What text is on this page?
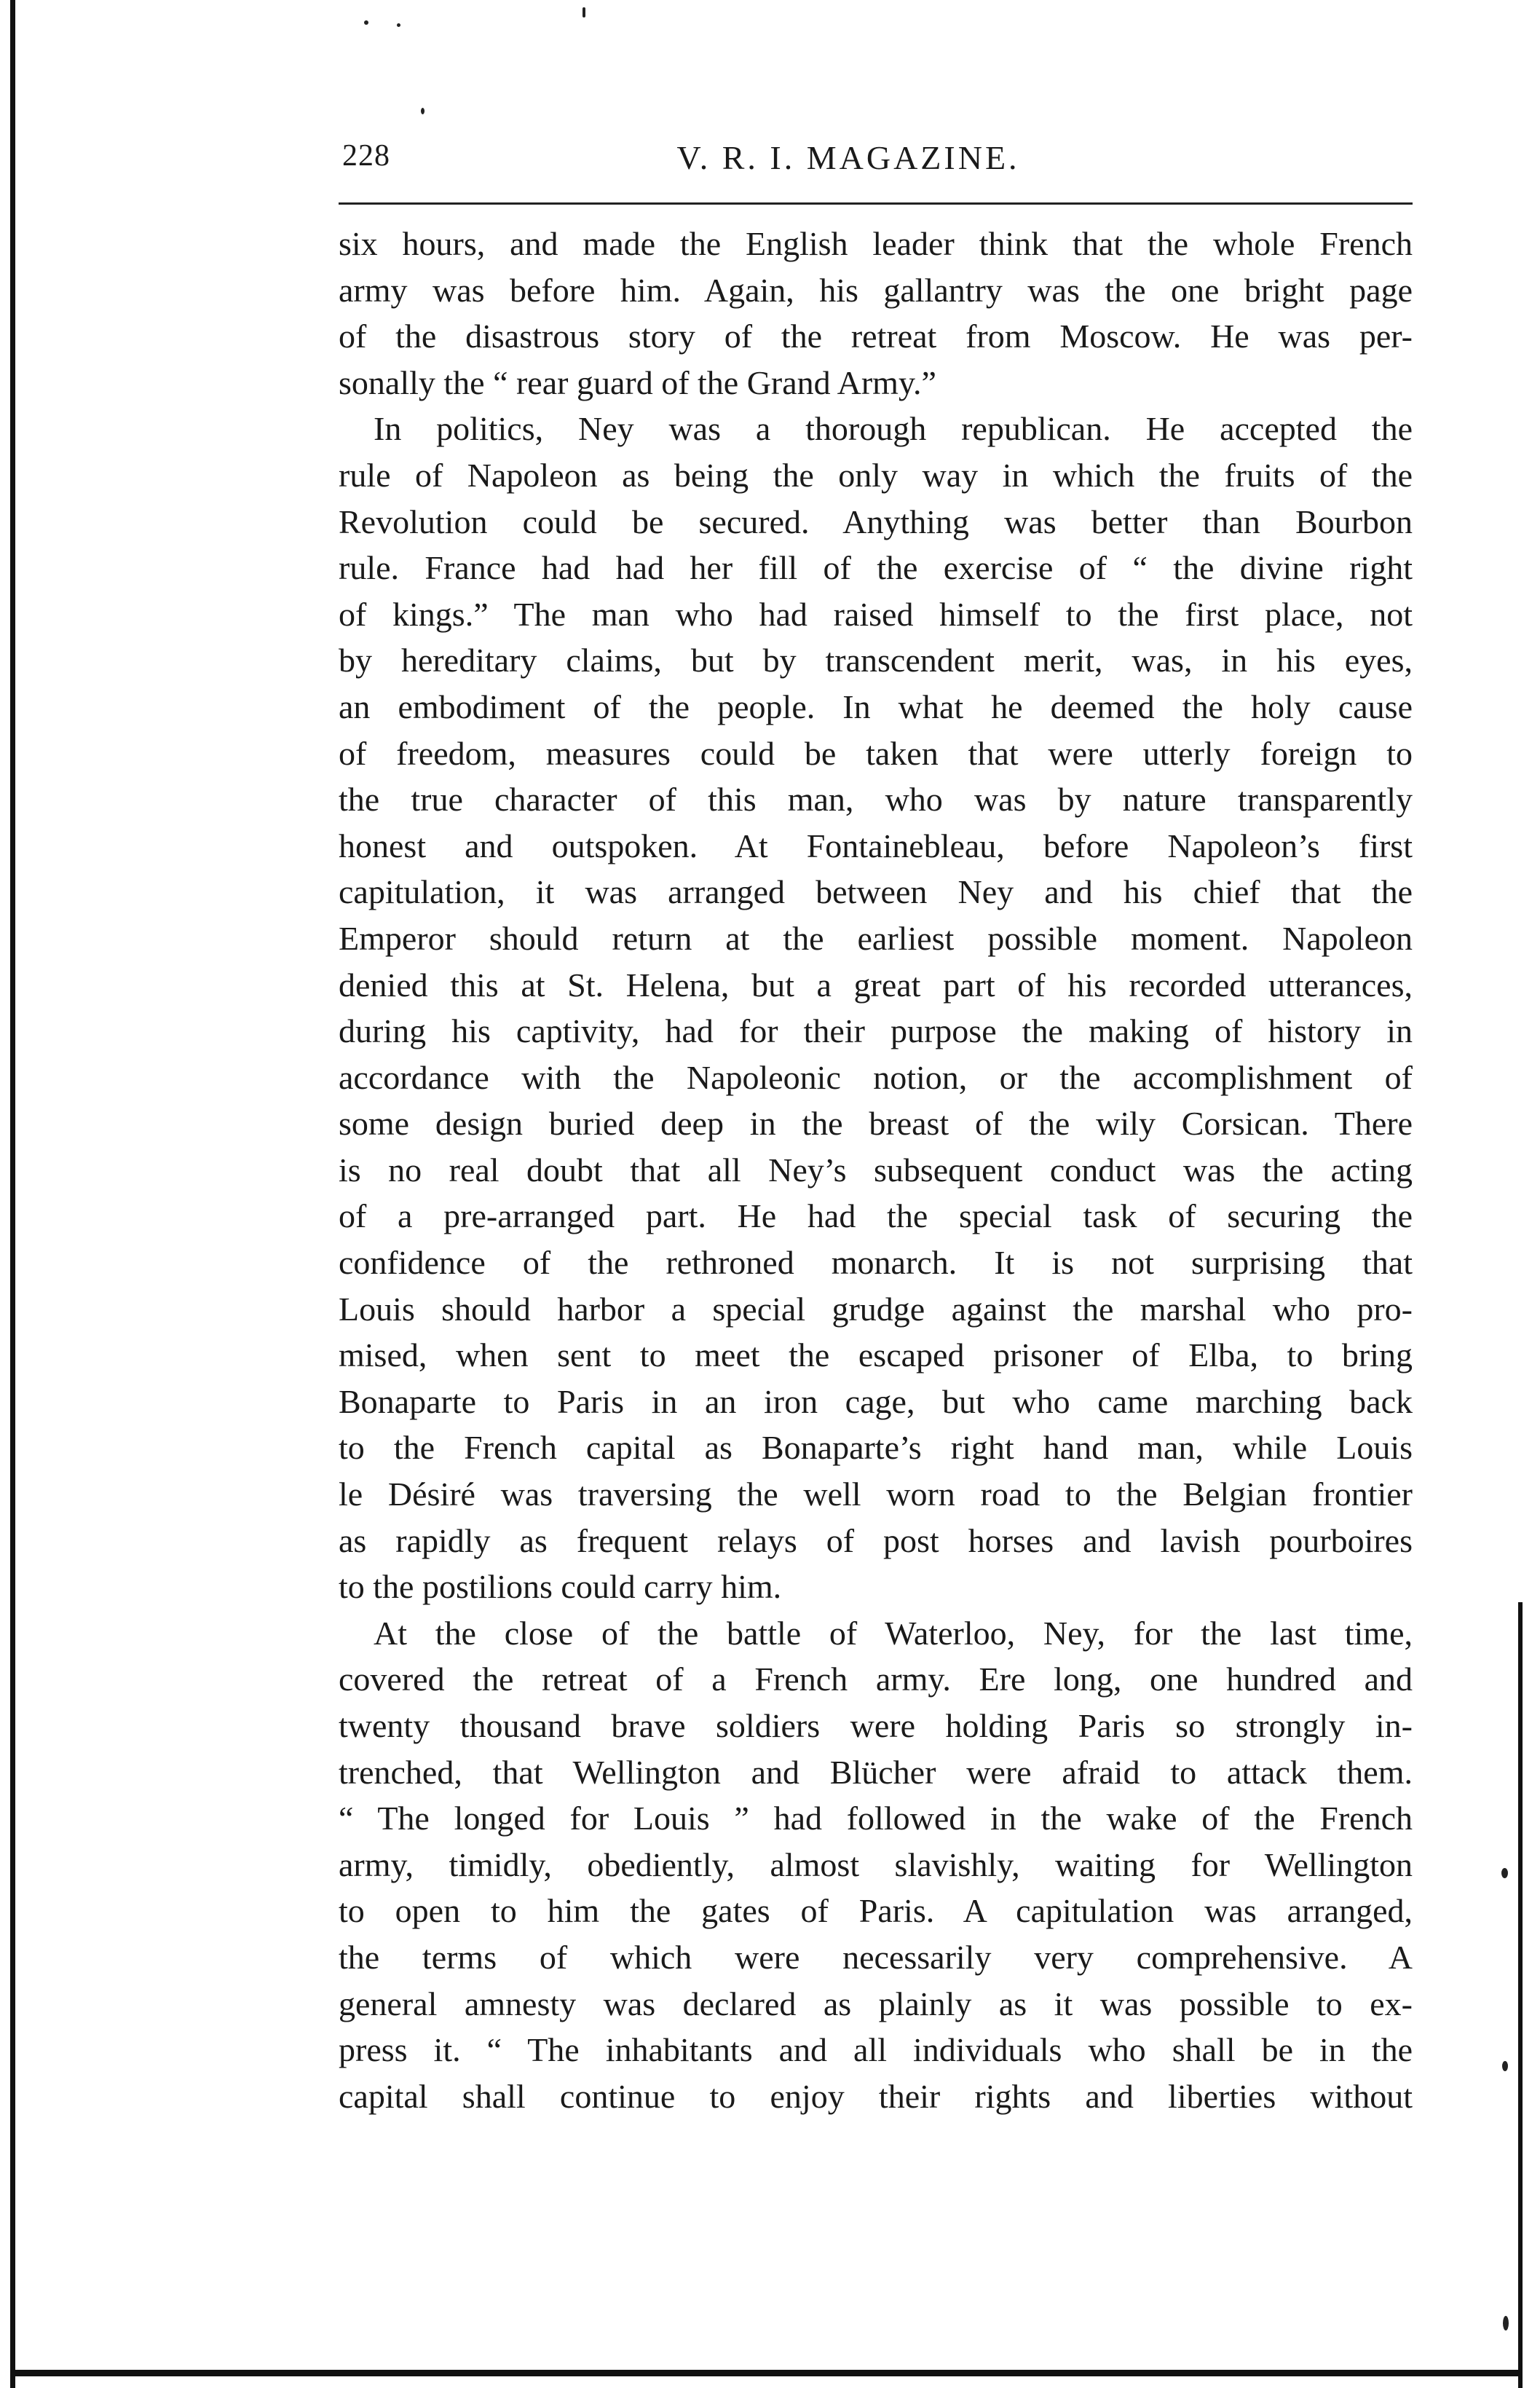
228	V. R. I. MAGAZINE.
six hours, and made the English leader think that the whole French
army was before him. Again, his gallantry was the one bright page
of the disastrous story of the retreat from Moscow. He was per-
sonally the “ rear guard of the Grand Army.”
In politics, Ney was a thorough republican. He accepted the
rule of Napoleon as being the only way in which the fruits of the
Revolution could be secured. Anything was better than Bourbon
rule. France had had her fill of the exercise of “ the divine right
of kings.” The man who had raised himself to the first place, not
by hereditary claims, but by transcendent merit, was, in his eyes,
an embodiment of the people. In what he deemed the holy cause
of freedom, measures could be taken that were utterly foreign to
the true character of this man, who was by nature transparently
honest and outspoken. At Fontainebleau, before Napoleon’s first
capitulation, it was arranged between Ney and his chief that the
Emperor should return at the earliest possible moment. Napoleon
denied this at St. Helena, but a great part of his recorded utterances,
during his captivity, had for their purpose the making of history in
accordance with the Napoleonic notion, or the accomplishment of
some design buried deep in the breast of the wily Corsican. There
is no real doubt that all Ney’s subsequent conduct was the acting
of a pre-arranged part. He had the special task of securing the
confidence of the rethroned monarch. It is not surprising that
Louis should harbor a special grudge against the marshal who pro-
mised, when sent to meet the escaped prisoner of Elba, to bring
Bonaparte to Paris in an iron cage, but who came marching back
to the French capital as Bonaparte’s right hand man, while Louis
le Désiré was traversing the well worn road to the Belgian frontier
as rapidly as frequent relays of post horses and lavish pourboires
to the postilions could carry him.
At the close of the battle of Waterloo, Ney, for the last time,
covered the retreat of a French army. Ere long, one hundred and
twenty thousand brave soldiers were holding Paris so strongly in-
trenched, that Wellington and Blücher were afraid to attack them.
“ The longed for Louis ” had followed in the wake of the French
army, timidly, obediently, almost slavishly, waiting for Wellington
to open to him the gates of Paris. A capitulation was arranged,
the terms of which were necessarily very comprehensive. A
general amnesty was declared as plainly as it was possible to ex-
press it. “ The inhabitants and all individuals who shall be in the
capital shall continue to enjoy their rights and liberties without
